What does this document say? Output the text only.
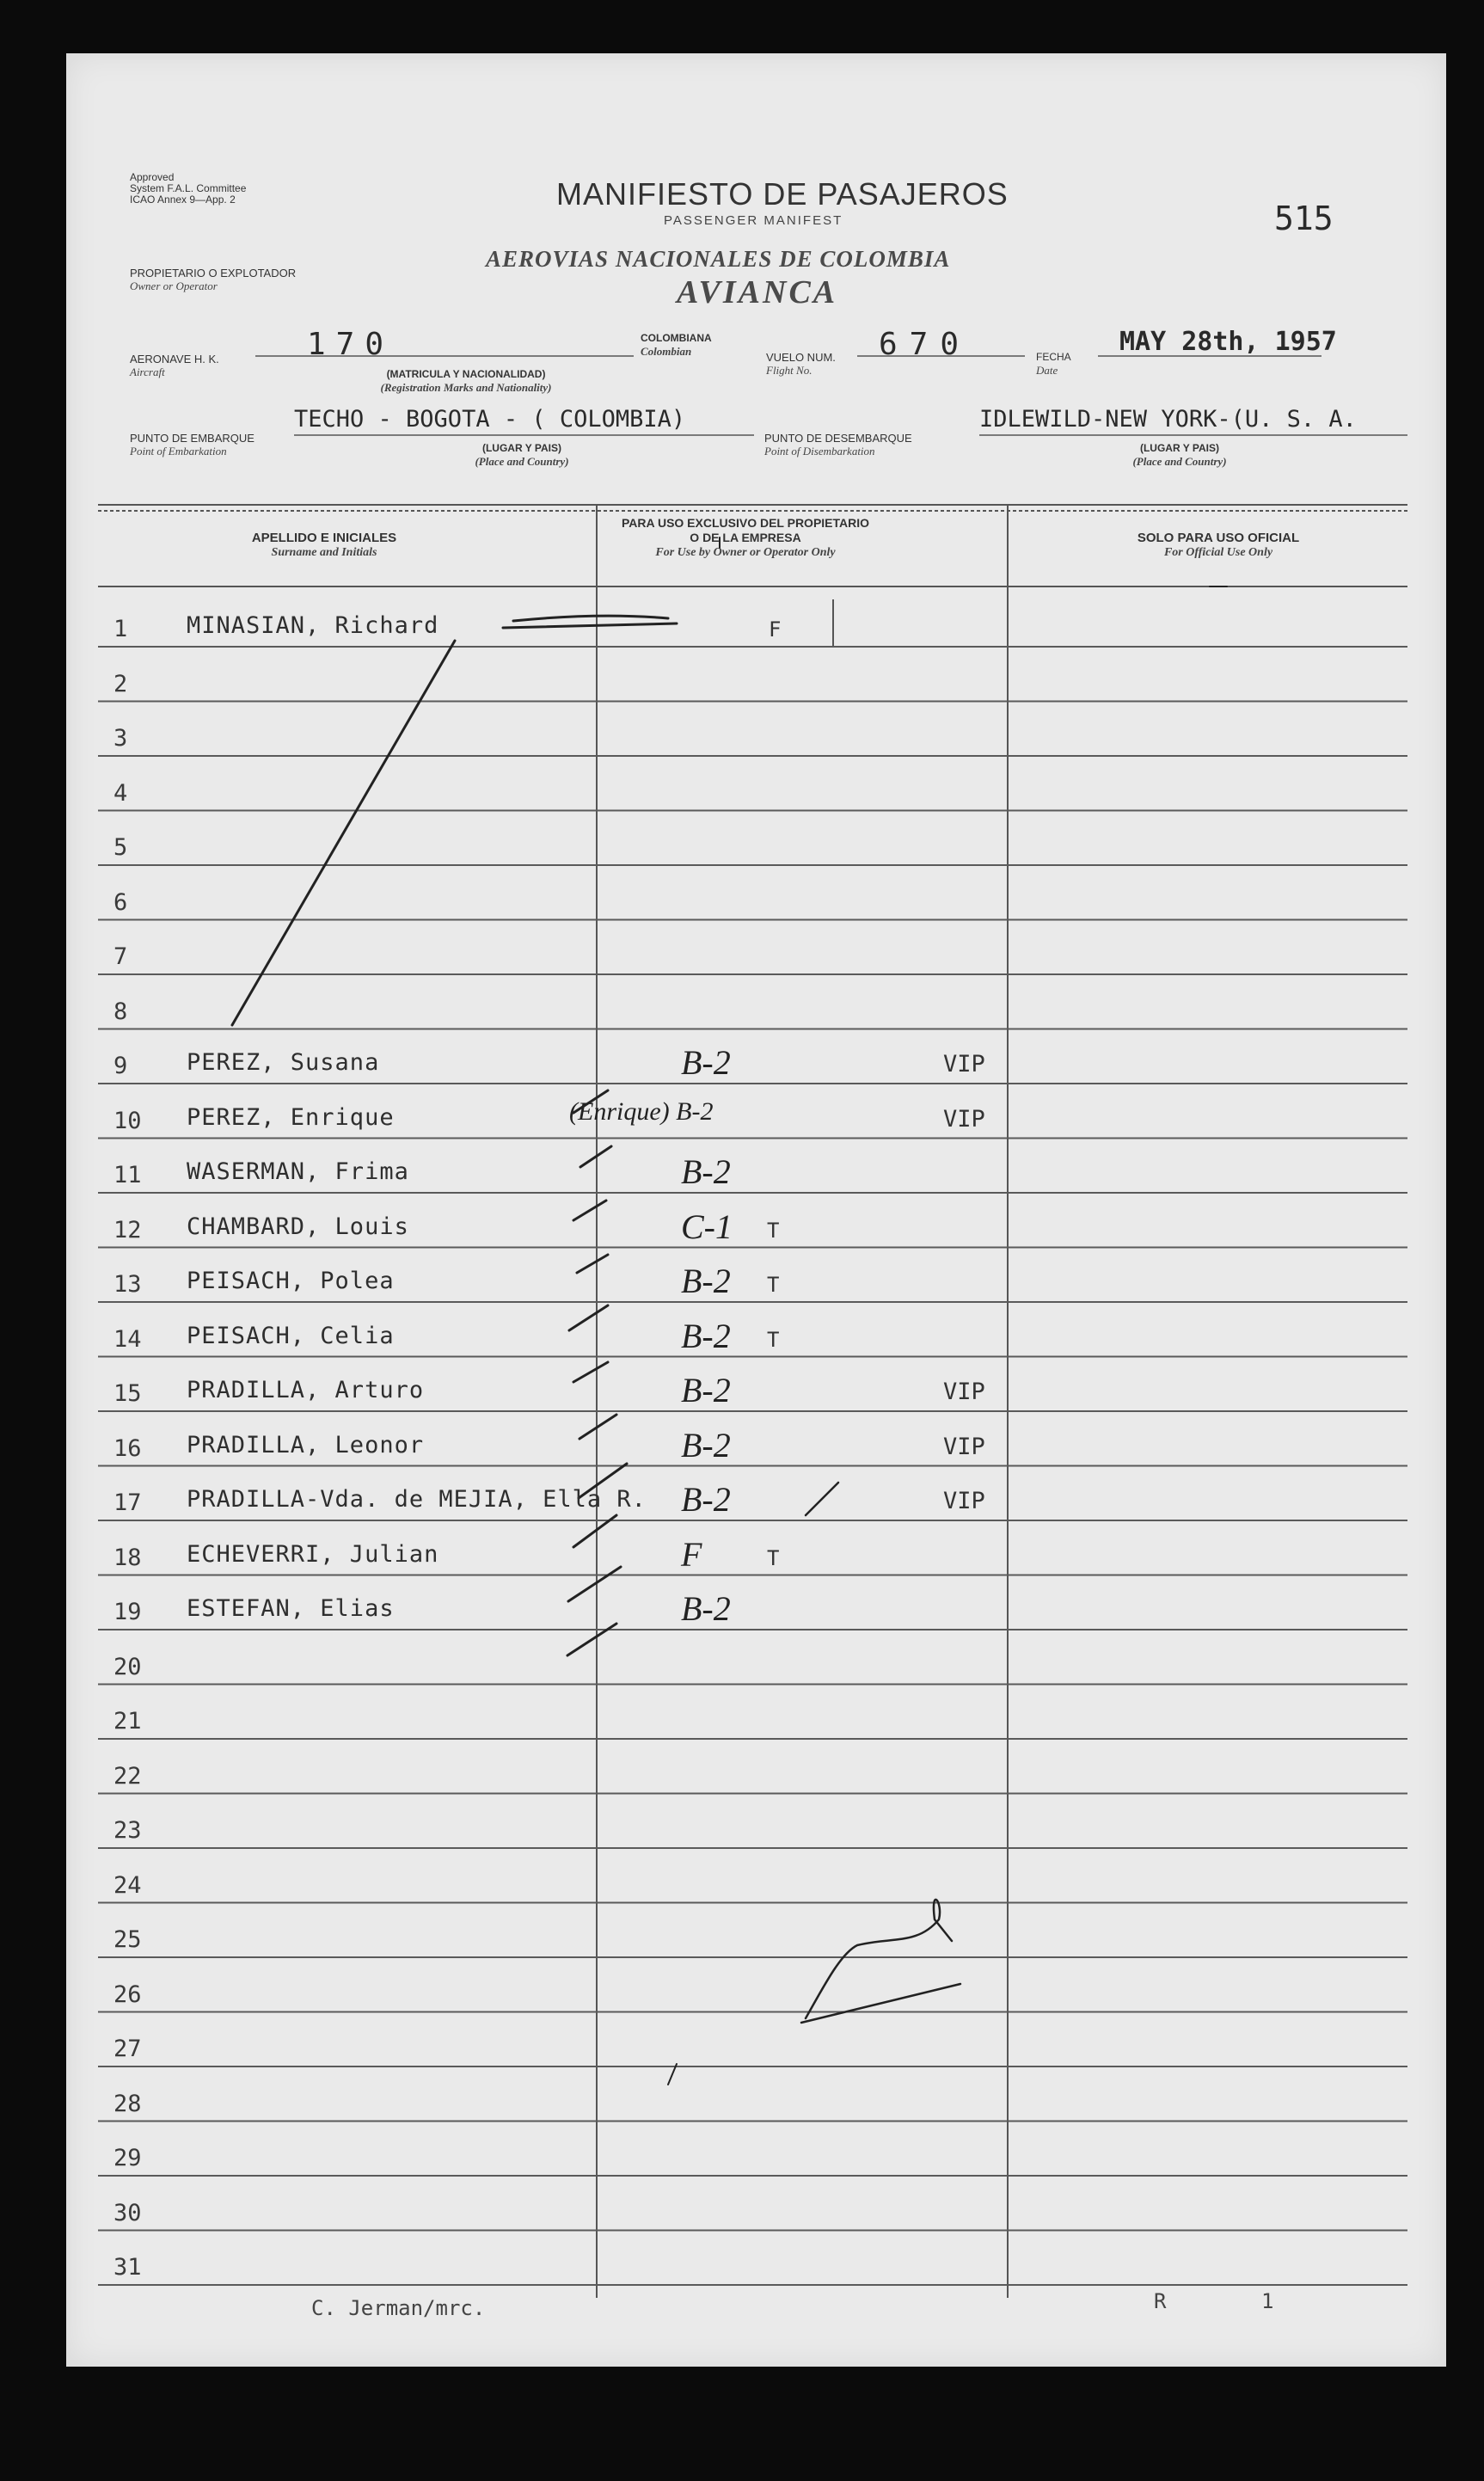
Approved
System F.A.L. Committee
ICAO Annex 9—App. 2	MANIFIESTO DE PASAJEROS
PASSENGER MANIFEST	515
PROPIETARIO O EXPLOTADOR
Owner or Operator
AEROVIAS NACIONALES DE COLOMBIA
AVIANCA
AERONAVE H. K.
Aircraft
170
(MATRICULA Y NACIONALIDAD)
(Registration Marks and Nationality)
COLOMBIANA
Colombian	VUELO NUM.
Flight No.
670	FECHA
Date
MAY 28th, 1957
PUNTO DE EMBARQUE
Point of Embarkation
TECHO - BOGOTA - ( COLOMBIA)
(LUGAR Y PAIS)
(Place and Country)
PUNTO DE DESEMBARQUE
Point of Disembarkation
IDLEWILD-NEW YORK-(U. S. A.
(LUGAR Y PAIS)
(Place and Country)
APELLIDO E INICIALES
Surname and Initials
PARA USO EXCLUSIVO DEL PROPIETARIO O DE LA EMPRESA
For Use by Owner or Operator Only
SOLO PARA USO OFICIAL
For Official Use Only
1	MINASIAN, Richard	F
2
3
4
5
6
7
8
9	PEREZ, Susana	B-2	VIP
10 PEREZ, Enrique	(Enrique) B-2	VIP
11 WASERMAN, Frima	B-2
12 CHAMBARD, Louis	C-1 T
13 PEISACH, Polea	B-2 T
14 PEISACH, Celia	B-2 T
15 PRADILLA, Arturo	B-2	VIP
16 PRADILLA, Leonor	B-2	VIP
17 PRADILLA-Vda. de MEJIA, Ella R. B-2	VIP
18 ECHEVERRI, Julian	F	T
19 ESTEFAN, Elias	B-2
20
21
22
23
24
25
26
27
28
29
30
31
C. Jerman/mrc.	R	1
